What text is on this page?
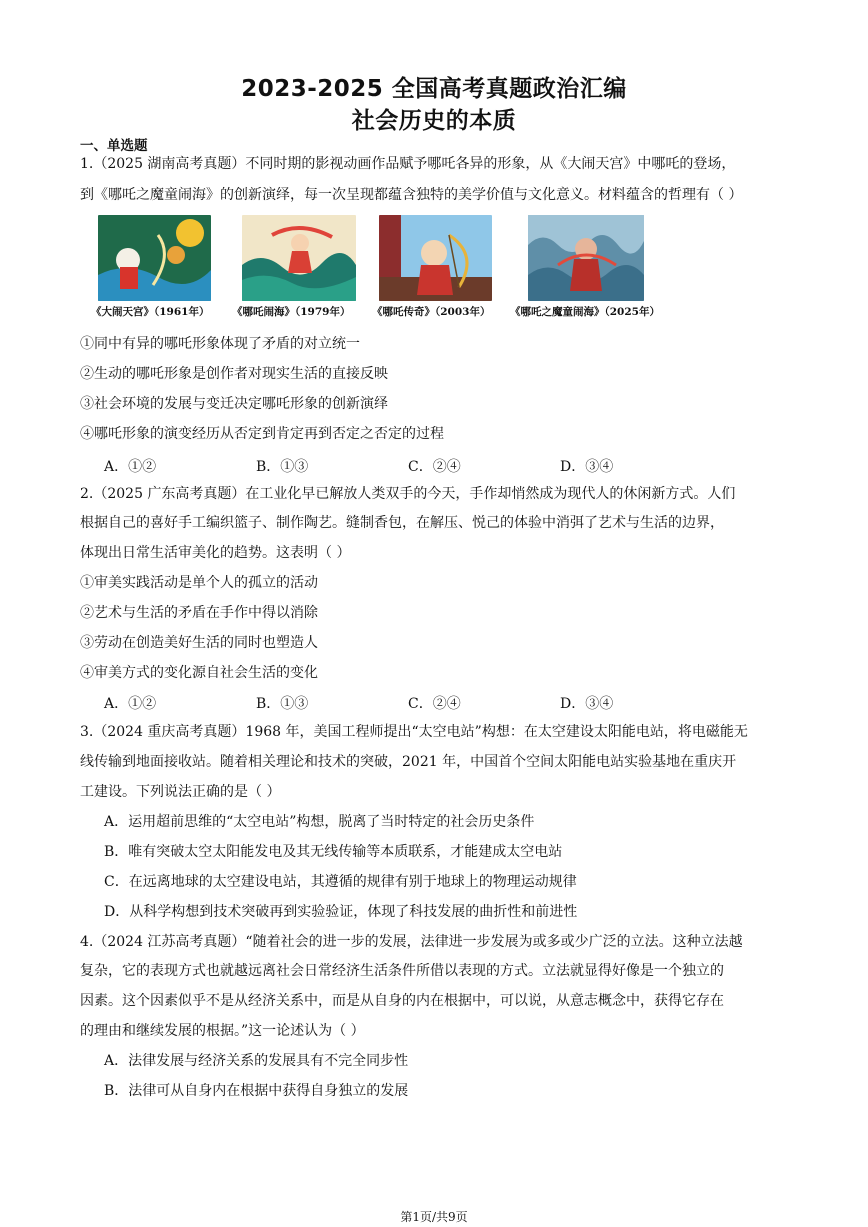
2023-2025 全国高考真题政治汇编
社会历史的本质
一、单选题
1.（2025 湖南高考真题）不同时期的影视动画作品赋予哪吒各异的形象，从《大闹天宫》中哪吒的登场，
到《哪吒之魔童闹海》的创新演绎，每一次呈现都蕴含独特的美学价值与文化意义。材料蕴含的哲理有（ ）
《大闹天宫》（1961年） 《哪吒闹海》（1979年） 《哪吒传奇》（2003年） 《哪吒之魔童闹海》（2025年）
①同中有异的哪吒形象体现了矛盾的对立统一
②生动的哪吒形象是创作者对现实生活的直接反映
③社会环境的发展与变迁决定哪吒形象的创新演绎
④哪吒形象的演变经历从否定到肯定再到否定之否定的过程
A．①②	B．①③	C．②④	D．③④
2.（2025 广东高考真题）在工业化早已解放人类双手的今天，手作却悄然成为现代人的休闲新方式。人们
根据自己的喜好手工编织篮子、制作陶艺。缝制香包，在解压、悦己的体验中消弭了艺术与生活的边界，
体现出日常生活审美化的趋势。这表明（ ）
①审美实践活动是单个人的孤立的活动
②艺术与生活的矛盾在手作中得以消除
③劳动在创造美好生活的同时也塑造人
④审美方式的变化源自社会生活的变化
A．①②	B．①③	C．②④	D．③④
3.（2024 重庆高考真题）1968 年，美国工程师提出“太空电站”构想：在太空建设太阳能电站，将电磁能无
线传输到地面接收站。随着相关理论和技术的突破，2021 年，中国首个空间太阳能电站实验基地在重庆开
工建设。下列说法正确的是（ ）
A．运用超前思维的“太空电站”构想，脱离了当时特定的社会历史条件
B．唯有突破太空太阳能发电及其无线传输等本质联系，才能建成太空电站
C．在远离地球的太空建设电站，其遵循的规律有别于地球上的物理运动规律
D．从科学构想到技术突破再到实验验证，体现了科技发展的曲折性和前进性
4.（2024 江苏高考真题）“随着社会的进一步的发展，法律进一步发展为或多或少广泛的立法。这种立法越
复杂，它的表现方式也就越远离社会日常经济生活条件所借以表现的方式。立法就显得好像是一个独立的
因素。这个因素似乎不是从经济关系中，而是从自身的内在根据中，可以说，从意志概念中，获得它存在
的理由和继续发展的根据。”这一论述认为（ ）
A．法律发展与经济关系的发展具有不完全同步性
B．法律可从自身内在根据中获得自身独立的发展
第1页/共9页
